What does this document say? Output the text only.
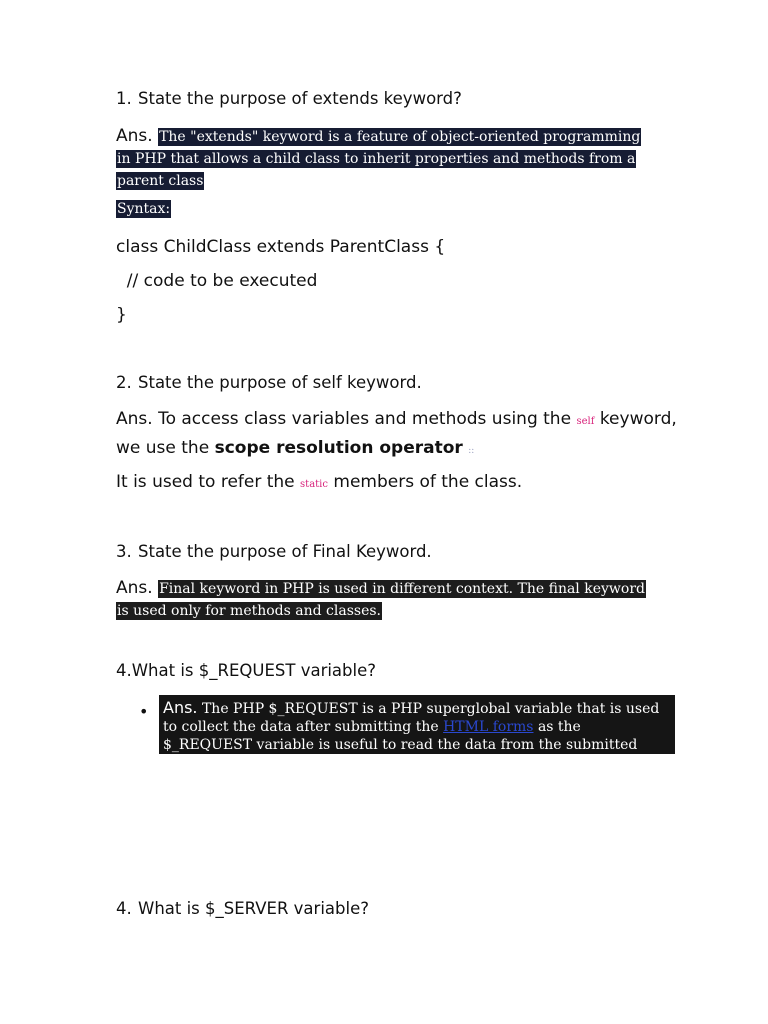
1. State the purpose of extends keyword?

Ans. The "extends" keyword is a feature of object-oriented programming in PHP that allows a child class to inherit properties and methods from a parent class
Syntax:
class ChildClass extends ParentClass {
// code to be executed
}

2. State the purpose of self keyword.

Ans. To access class variables and methods using the self keyword,
we use the scope resolution operator ::
It is used to refer the static members of the class.

3. State the purpose of Final Keyword.

Ans. Final keyword in PHP is used in different context. The final keyword is used only for methods and classes.

4.What is $_REQUEST variable?

• Ans. The PHP $_REQUEST is a PHP superglobal variable that is used to collect the data after submitting the HTML forms as the $_REQUEST variable is useful to read the data from the submitted HTML open forms.

4. What is $_SERVER variable?
